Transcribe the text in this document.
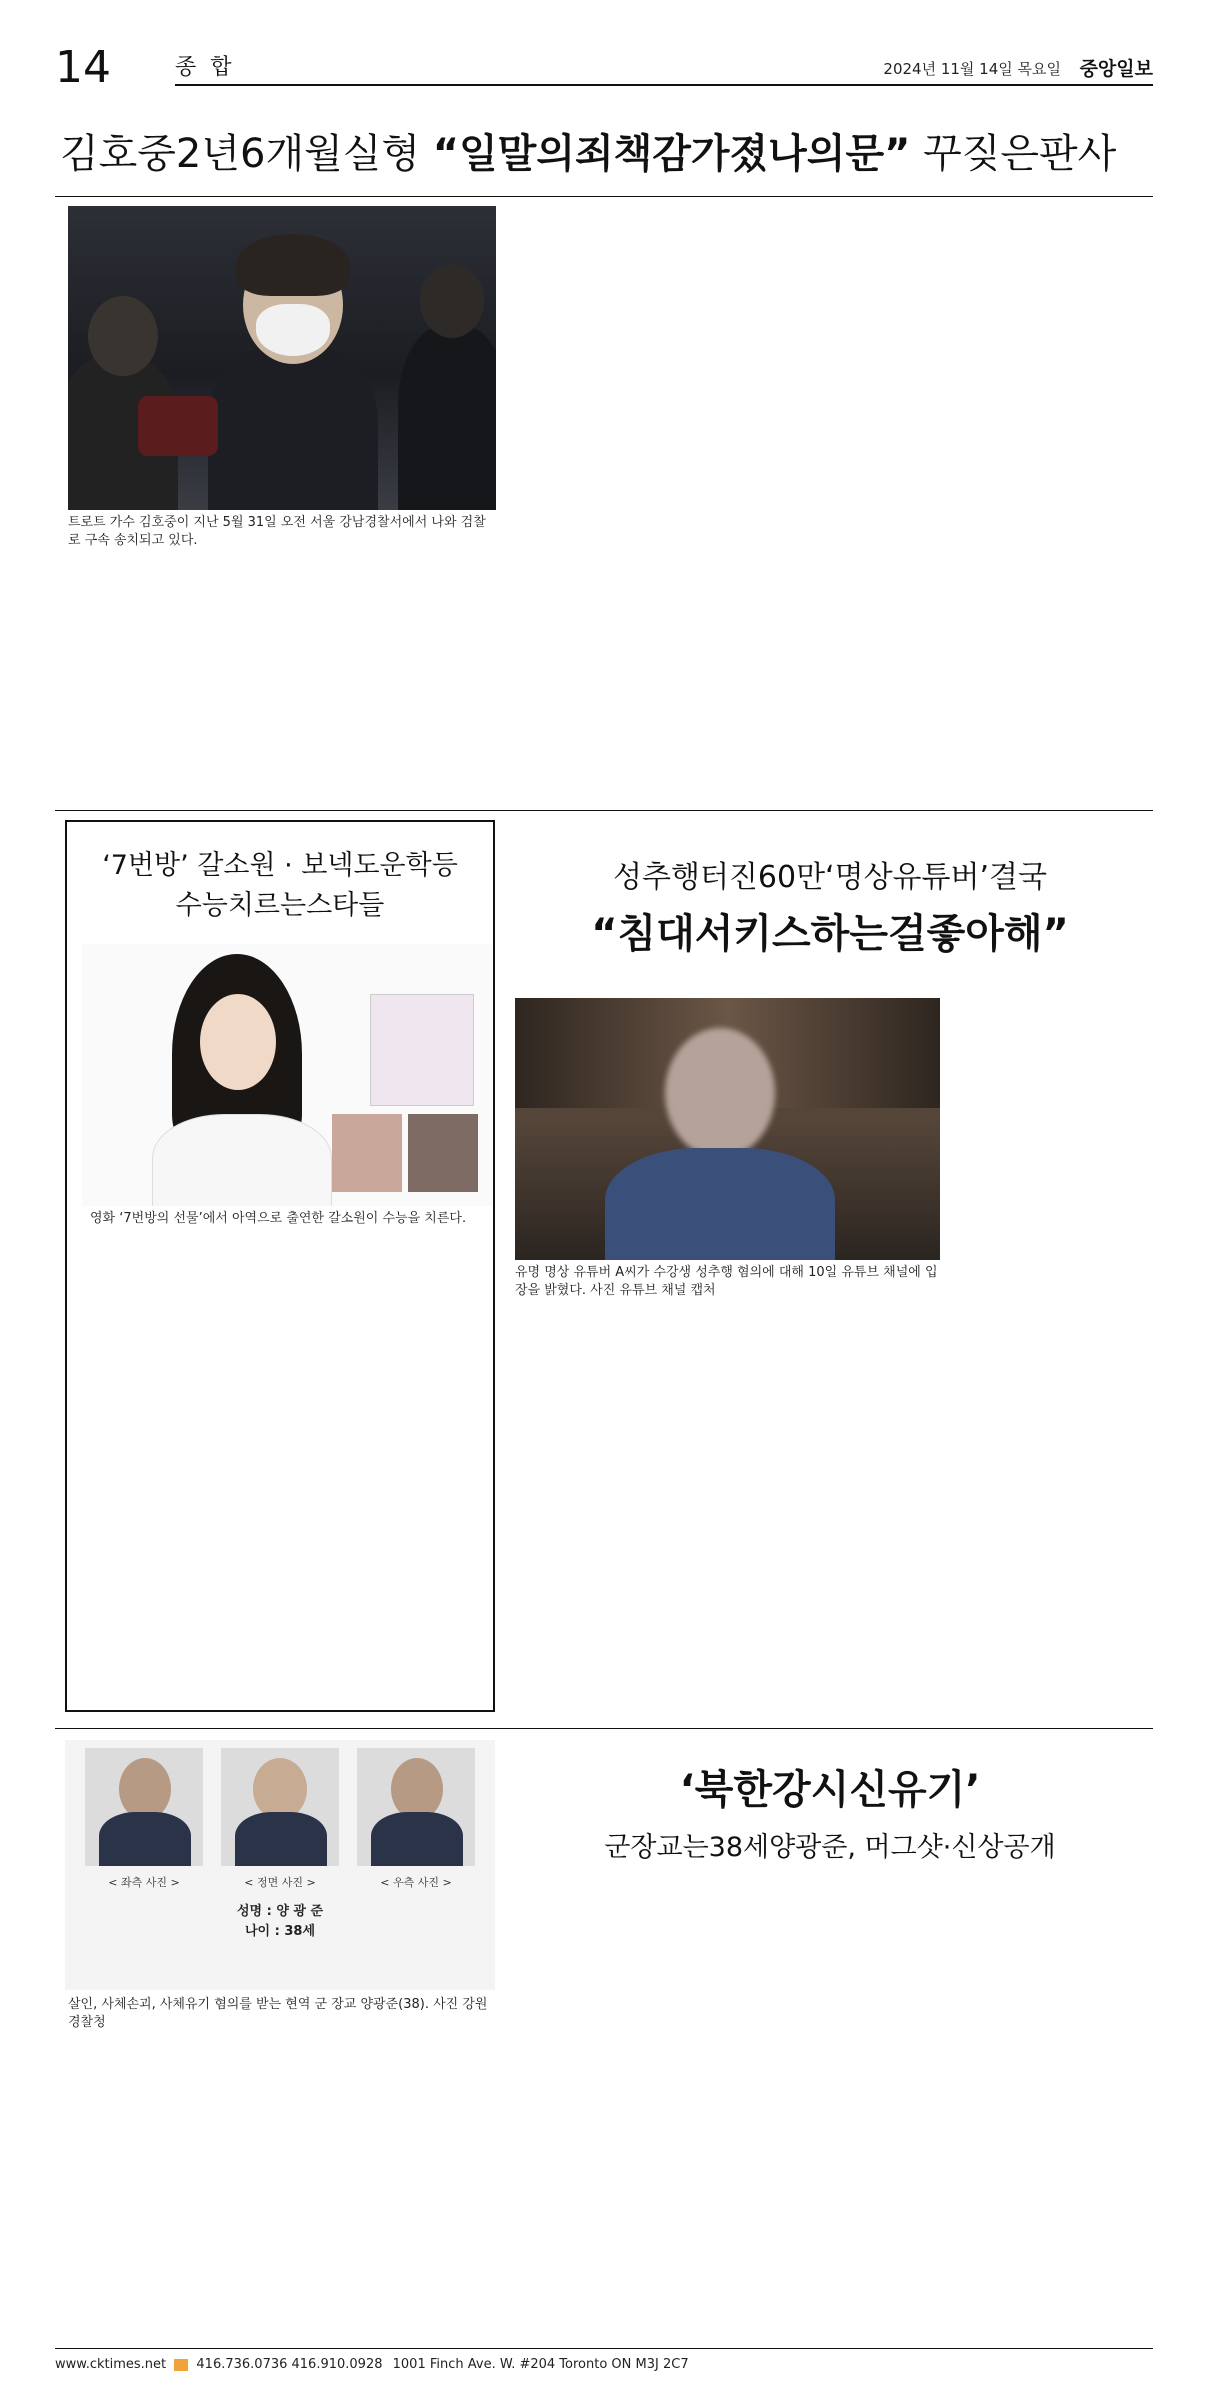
14	종합	2024년 11월 14일 목요일 중앙일보
김호중2년6개월실형 “일말의죄책감가졌나의문” 꾸짖은판사
트로트 가수 김호중이 지난 5월 31일 오전 서울 강남경찰서에서 나와 검찰로 구속 송치되고 있다.
‘7번방’ 갈소원 · 보넥도운학등
수능치르는스타들
영화 ‘7번방의 선물’에서 아역으로 출연한 갈소원이 수능을 치른다.
성추행터진60만‘명상유튜버’결국
“침대서키스하는걸좋아해”
유명 명상 유튜버 A씨가 수강생 성추행 혐의에 대해 10일 유튜브 채널에 입장을 밝혔다. 사진 유튜브 채널 캡처
< 좌측 사진 >	< 정면 사진 >	< 우측 사진 >
성명 : 양 광 준
나이 : 38세
살인, 사체손괴, 사체유기 혐의를 받는 현역 군 장교 양광준(38). 사진 강원경찰청
‘북한강시신유기’
군장교는38세양광준, 머그샷·신상공개
www.cktimes.net 416.736.0736 416.910.0928 1001 Finch Ave. W. #204 Toronto ON M3J 2C7
